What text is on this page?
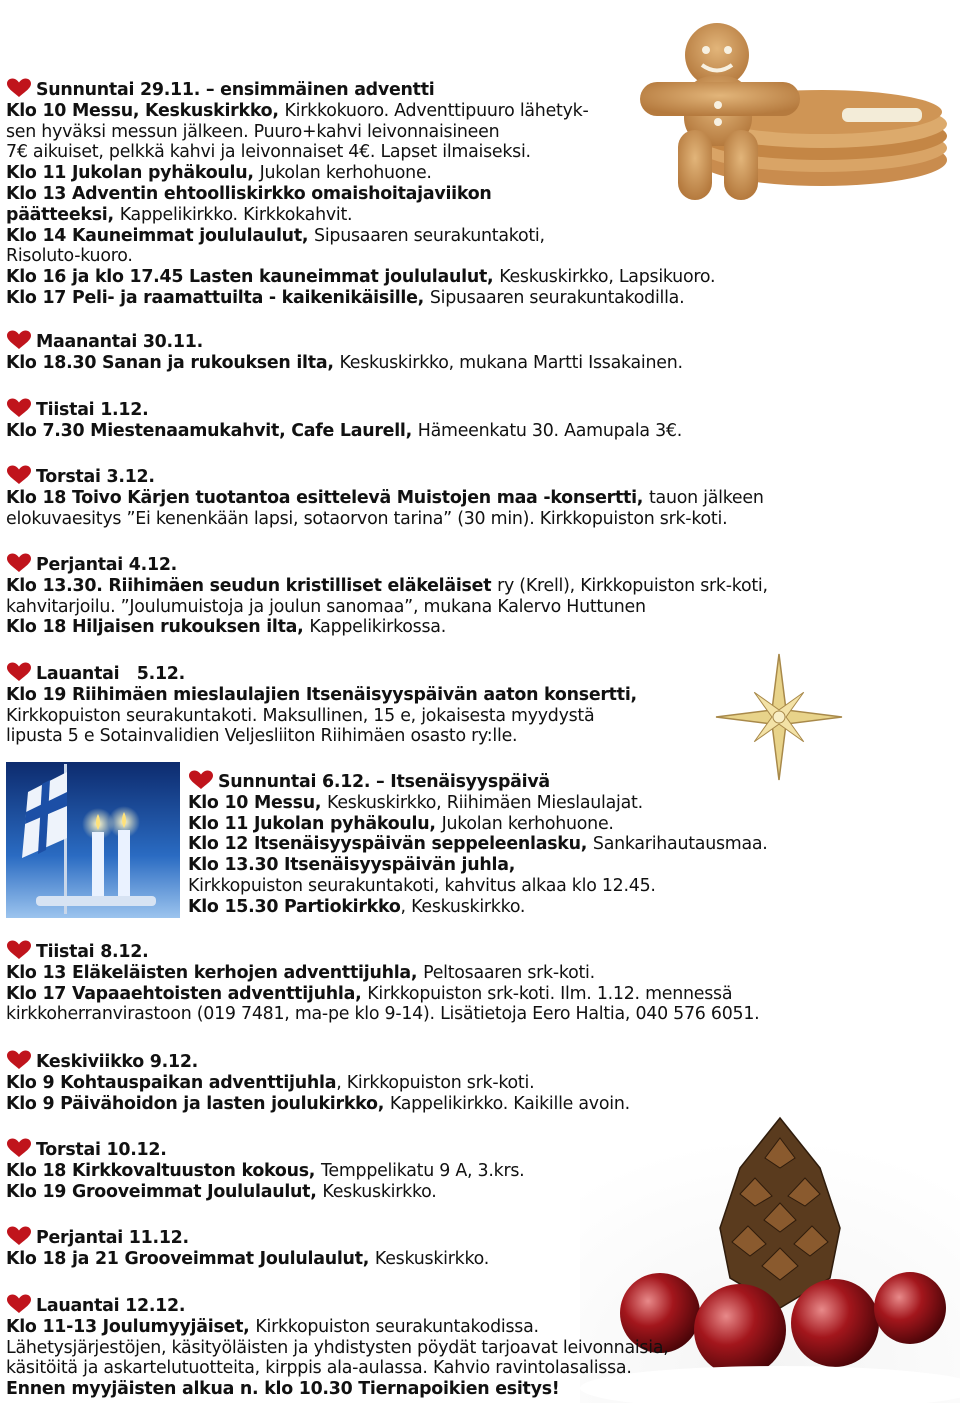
Sunnuntai 29.11. – ensimmäinen adventti
Klo 10 Messu, Keskuskirkko, Kirkkokuoro. Adventtipuuro lähetyk-
sen hyväksi messun jälkeen. Puuro+kahvi leivonnaisineen
7€ aikuiset, pelkkä kahvi ja leivonnaiset 4€. Lapset ilmaiseksi.
Klo 11 Jukolan pyhäkoulu, Jukolan kerhohuone.
Klo 13 Adventin ehtoolliskirkko omaishoitajaviikon
päätteeksi, Kappelikirkko. Kirkkokahvit.
Klo 14 Kauneimmat joululaulut, Sipusaaren seurakuntakoti,
Risoluto-kuoro.
Klo 16 ja klo 17.45 Lasten kauneimmat joululaulut, Keskuskirkko, Lapsikuoro.
Klo 17 Peli- ja raamattuilta - kaikenikäisille, Sipusaaren seurakuntakodilla.
Maanantai 30.11.
Klo 18.30 Sanan ja rukouksen ilta, Keskuskirkko, mukana Martti Issakainen.
Tiistai 1.12.
Klo 7.30 Miestenaamukahvit, Cafe Laurell, Hämeenkatu 30. Aamupala 3€.
Torstai 3.12.
Klo 18 Toivo Kärjen tuotantoa esittelevä Muistojen maa -konsertti, tauon jälkeen
elokuvaesitys ”Ei kenenkään lapsi, sotaorvon tarina” (30 min). Kirkkopuiston srk-koti.
Perjantai 4.12.
Klo 13.30. Riihimäen seudun kristilliset eläkeläiset ry (Krell), Kirkkopuiston srk-koti,
kahvitarjoilu. ”Joulumuistoja ja joulun sanomaa”, mukana Kalervo Huttunen
Klo 18 Hiljaisen rukouksen ilta, Kappelikirkossa.
Lauantai   5.12.
Klo 19 Riihimäen mieslaulajien Itsenäisyyspäivän aaton konsertti,
Kirkkopuiston seurakuntakoti. Maksullinen, 15 e, jokaisesta myydystä
lipusta 5 e Sotainvalidien Veljesliiton Riihimäen osasto ry:lle.
Sunnuntai 6.12. – Itsenäisyyspäivä
Klo 10 Messu, Keskuskirkko, Riihimäen Mieslaulajat.
Klo 11 Jukolan pyhäkoulu, Jukolan kerhohuone.
Klo 12 Itsenäisyyspäivän seppeleenlasku, Sankarihautausmaa.
Klo 13.30 Itsenäisyyspäivän juhla,
Kirkkopuiston seurakuntakoti, kahvitus alkaa klo 12.45.
Klo 15.30 Partiokirkko, Keskuskirkko.
Tiistai 8.12.
Klo 13 Eläkeläisten kerhojen adventtijuhla, Peltosaaren srk-koti.
Klo 17 Vapaaehtoisten adventtijuhla, Kirkkopuiston srk-koti. Ilm. 1.12. mennessä
kirkkoherranvirastoon (019 7481, ma-pe klo 9-14). Lisätietoja Eero Haltia, 040 576 6051.
Keskiviikko 9.12.
Klo 9 Kohtauspaikan adventtijuhla, Kirkkopuiston srk-koti.
Klo 9 Päivähoidon ja lasten joulukirkko, Kappelikirkko. Kaikille avoin.
Torstai 10.12.
Klo 18 Kirkkovaltuuston kokous, Temppelikatu 9 A, 3.krs.
Klo 19 Grooveimmat Joululaulut, Keskuskirkko.
Perjantai 11.12.
Klo 18 ja 21 Grooveimmat Joululaulut, Keskuskirkko.
Lauantai 12.12.
Klo 11-13 Joulumyyjäiset, Kirkkopuiston seurakuntakodissa.
Lähetysjärjestöjen, käsityöläisten ja yhdistysten pöydät tarjoavat leivonnaisia,
käsitöitä ja askartelutuotteita, kirppis ala-aulassa. Kahvio ravintolasalissa.
Ennen myyjäisten alkua n. klo 10.30 Tiernapoikien esitys!
